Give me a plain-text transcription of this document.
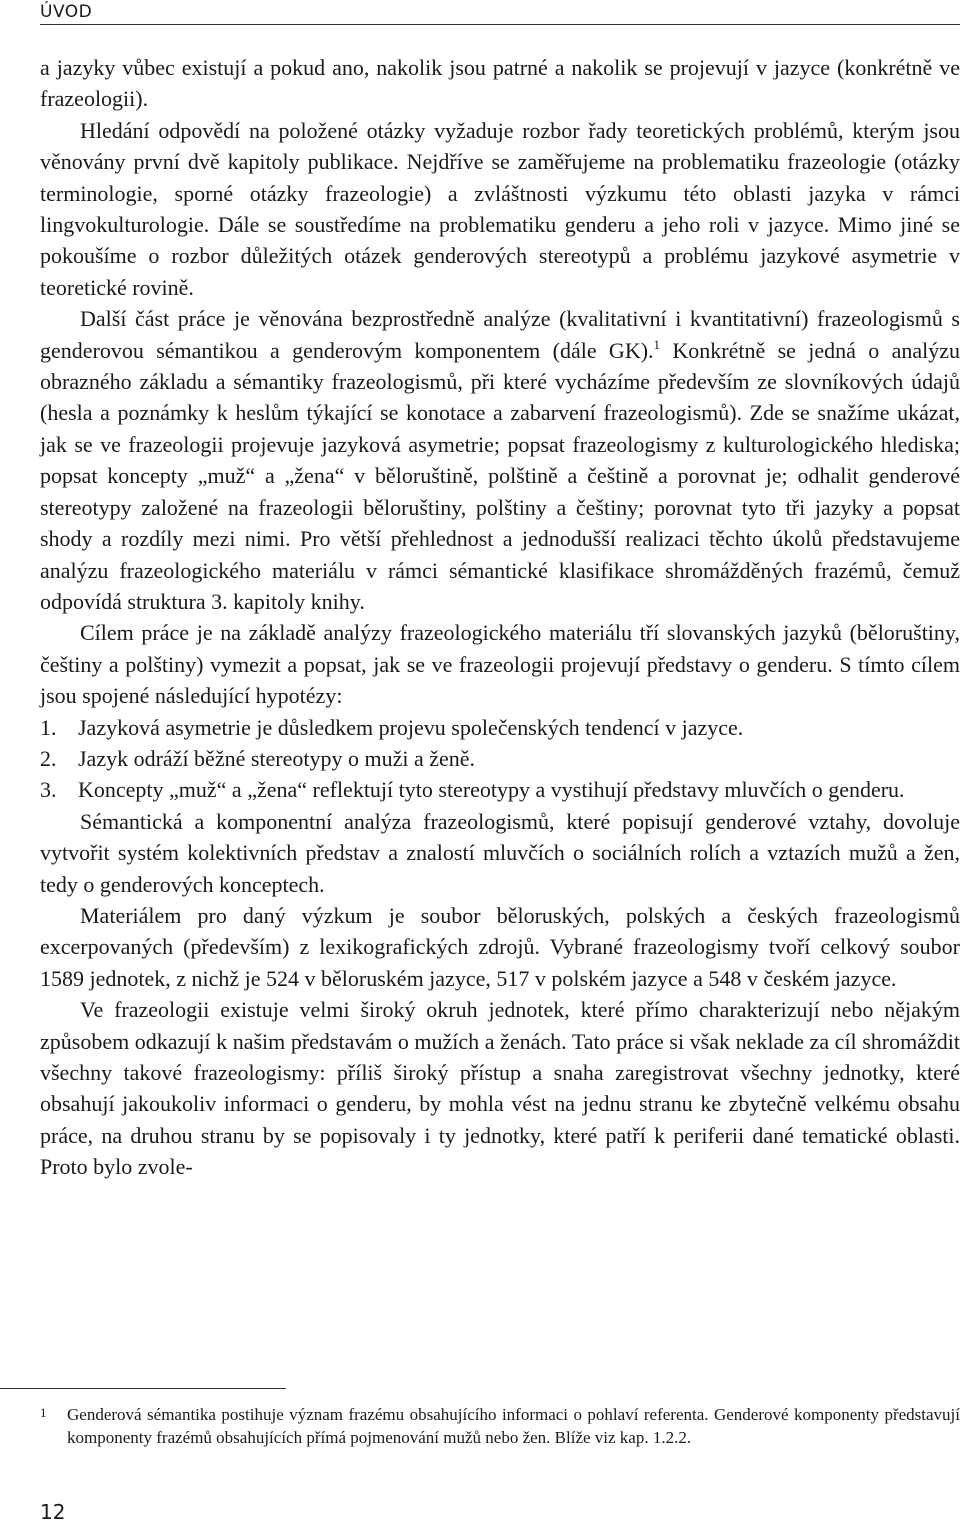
ÚVOD

a jazyky vůbec existují a pokud ano, nakolik jsou patrné a nakolik se projevují v jazyce (konkrétně ve frazeologii).

Hledání odpovědí na položené otázky vyžaduje rozbor řady teoretických problémů, kterým jsou věnovány první dvě kapitoly publikace. Nejdříve se zaměřujeme na problematiku frazeologie (otázky terminologie, sporné otázky frazeologie) a zvláštnosti výzkumu této oblasti jazyka v rámci lingvokulturologie. Dále se soustředíme na problematiku genderu a jeho roli v jazyce. Mimo jiné se pokoušíme o rozbor důležitých otázek genderových stereotypů a problému jazykové asymetrie v teoretické rovině.

Další část práce je věnována bezprostředně analýze (kvalitativní i kvantitativní) frazeologismů s genderovou sémantikou a genderovým komponentem (dále GK).$^1$ Konkrétně se jedná o analýzu obrazného základu a sémantiky frazeologismů, při které vycházíme především ze slovníkových údajů (hesla a poznámky k heslům týkající se konotace a zabarvení frazeologismů). Zde se snažíme ukázat, jak se ve frazeologii projevuje jazyková asymetrie; popsat frazeologismy z kulturologického hlediska; popsat koncepty „muž“ a „žena“ v běloruštině, polštině a češtině a porovnat je; odhalit genderové stereotypy založené na frazeologii běloruštiny, polštiny a češtiny; porovnat tyto tři jazyky a popsat shody a rozdíly mezi nimi. Pro větší přehlednost a jednodušší realizaci těchto úkolů představujeme analýzu frazeologického materiálu v rámci sémantické klasifikace shromážděných frazémů, čemuž odpovídá struktura 3. kapitoly knihy.

Cílem práce je na základě analýzy frazeologického materiálu tří slovanských jazyků (běloruštiny, češtiny a polštiny) vymezit a popsat, jak se ve frazeologii projevují představy o genderu. S tímto cílem jsou spojené následující hypotézy:

1. Jazyková asymetrie je důsledkem projevu společenských tendencí v jazyce.
2. Jazyk odráží běžné stereotypy o muži a ženě.
3. Koncepty „muž“ a „žena“ reflektují tyto stereotypy a vystihují představy mluvčích o genderu.

Sémantická a komponentní analýza frazeologismů, které popisují genderové vztahy, dovoluje vytvořit systém kolektivních představ a znalostí mluvčích o sociálních rolích a vztazích mužů a žen, tedy o genderových konceptech.

Materiálem pro daný výzkum je soubor běloruských, polských a českých frazeologismů excerpovaných (především) z lexikografických zdrojů. Vybrané frazeologismy tvoří celkový soubor 1589 jednotek, z nichž je 524 v běloruském jazyce, 517 v polském jazyce a 548 v českém jazyce.

Ve frazeologii existuje velmi široký okruh jednotek, které přímo charakterizují nebo nějakým způsobem odkazují k našim představám o mužích a ženách. Tato práce si však neklade za cíl shromáždit všechny takové frazeologismy: příliš široký přístup a snaha zaregistrovat všechny jednotky, které obsahují jakoukoliv informaci o genderu, by mohla vést na jednu stranu ke zbytečně velkému obsahu práce, na druhou stranu by se popisovaly i ty jednotky, které patří k periferii dané tematické oblasti. Proto bylo zvole-

1	Genderová sémantika postihuje význam frazému obsahujícího informaci o pohlaví referenta. Genderové komponenty představují komponenty frazémů obsahujících přímá pojmenování mužů nebo žen. Blíže viz kap. 1.2.2.
12
